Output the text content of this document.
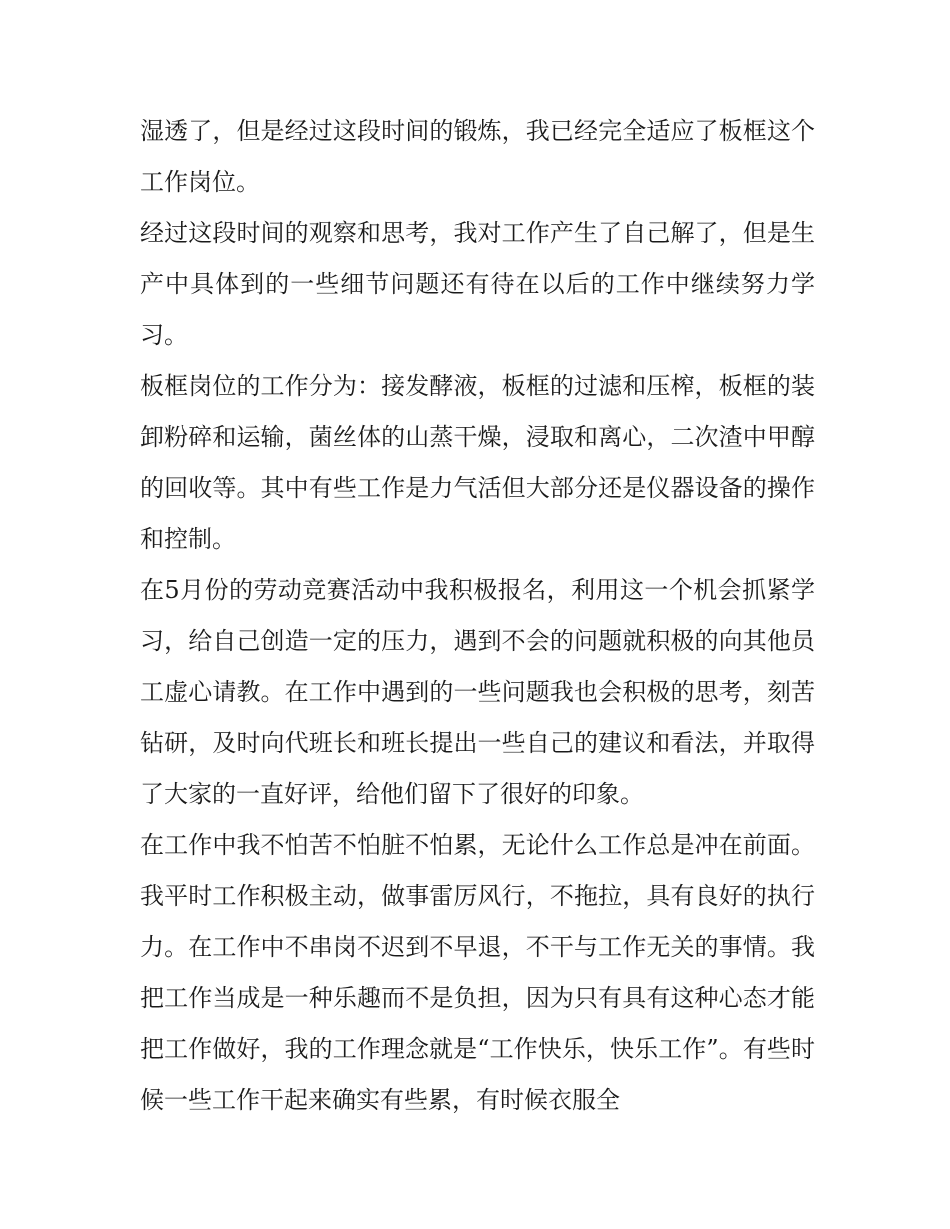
湿透了，但是经过这段时间的锻炼，我已经完全适应了板框这个工作岗位。

经过这段时间的观察和思考，我对工作产生了自己解了，但是生产中具体到的一些细节问题还有待在以后的工作中继续努力学习。

板框岗位的工作分为：接发酵液，板框的过滤和压榨，板框的装卸粉碎和运输，菌丝体的山蒸干燥，浸取和离心，二次渣中甲醇的回收等。其中有些工作是力气活但大部分还是仪器设备的操作和控制。

在5月份的劳动竞赛活动中我积极报名，利用这一个机会抓紧学习，给自己创造一定的压力，遇到不会的问题就积极的向其他员工虚心请教。在工作中遇到的一些问题我也会积极的思考，刻苦钻研，及时向代班长和班长提出一些自己的建议和看法，并取得了大家的一直好评，给他们留下了很好的印象。

在工作中我不怕苦不怕脏不怕累，无论什么工作总是冲在前面。我平时工作积极主动，做事雷厉风行，不拖拉，具有良好的执行力。在工作中不串岗不迟到不早退，不干与工作无关的事情。我把工作当成是一种乐趣而不是负担，因为只有具有这种心态才能把工作做好，我的工作理念就是“工作快乐，快乐工作”。有些时候一些工作干起来确实有些累，有时候衣服全
